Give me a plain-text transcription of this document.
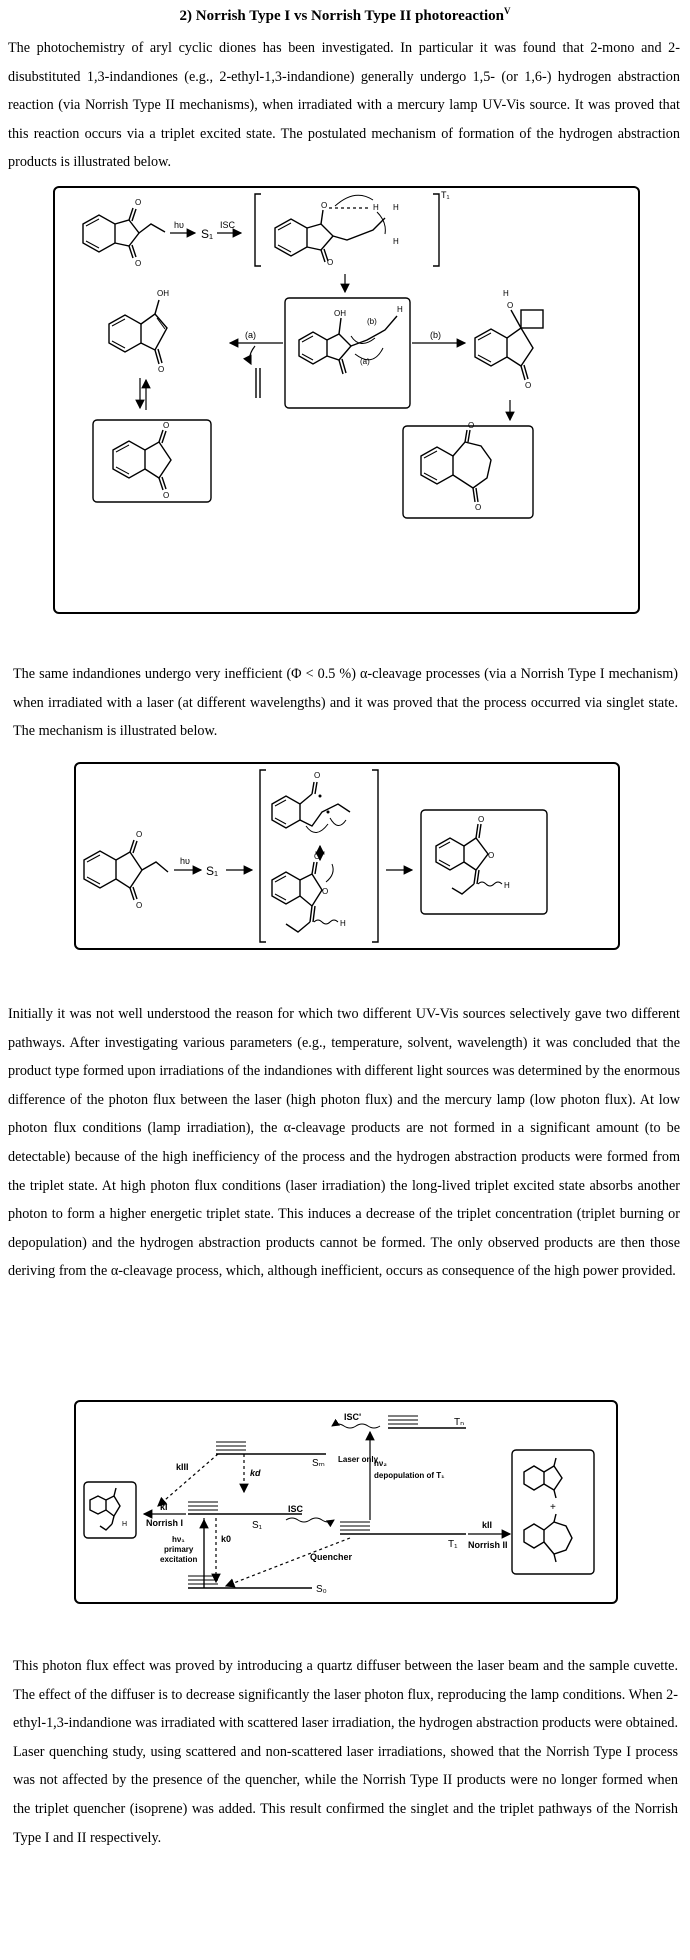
2) Norrish Type I vs Norrish Type II photoreaction$^V$

The photochemistry of aryl cyclic diones has been investigated. In particular it was found that 2-mono and 2-disubstituted 1,3-indandiones (e.g., 2-ethyl-1,3-indandione) generally undergo 1,5- (or 1,6-) hydrogen abstraction reaction (via Norrish Type II mechanisms), when irradiated with a mercury lamp UV-Vis source. It was proved that this reaction occurs via a triplet excited state. The postulated mechanism of formation of the hydrogen abstraction products is illustrated below.

O
O
hυ
S₁
ISC
T₁
O	H H
H
O
OH
(b)
(a)
H
(a)
OH
O
O
O
(b)
H
O
O
O
O

The same indandiones undergo very inefficient (Φ < 0.5 %) α-cleavage processes (via a Norrish Type I mechanism) when irradiated with a laser (at different wavelengths) and it was proved that the process occurred via singlet state. The mechanism is illustrated below.

O
O
hυ
S₁
O
H
O
O
O
O
H

Initially it was not well understood the reason for which two different UV-Vis sources selectively gave two different pathways. After investigating various parameters (e.g., temperature, solvent, wavelength) it was concluded that the product type formed upon irradiations of the indandiones with different light sources was determined by the enormous difference of the photon flux between the laser (high photon flux) and the mercury lamp (low photon flux). At low photon flux conditions (lamp irradiation), the α-cleavage products are not formed in a significant amount (to be detectable) because of the high inefficiency of the process and the hydrogen abstraction products were formed from the triplet state. At high photon flux conditions (laser irradiation) the long-lived triplet excited state absorbs another photon to form a higher energetic triplet state. This induces a decrease of the triplet concentration (triplet burning or depopulation) and the hydrogen abstraction products cannot be formed. The only observed products are then those deriving from the α-cleavage process, which, although inefficient, occurs as consequence of the high power provided.

Tₙ
ISC'
Sₘ
kIII
kd
H
kI
Norrish I	S₁
ISC
T₁
Laser only
hν₂
depopulation of T₁
kII
Norrish II
+
hν₁
primary
excitation
k0
Quencher
S₀

This photon flux effect was proved by introducing a quartz diffuser between the laser beam and the sample cuvette. The effect of the diffuser is to decrease significantly the laser photon flux, reproducing the lamp conditions. When 2-ethyl-1,3-indandione was irradiated with scattered laser irradiation, the hydrogen abstraction products were obtained. Laser quenching study, using scattered and non-scattered laser irradiations, showed that the Norrish Type I process was not affected by the presence of the quencher, while the Norrish Type II products were no longer formed when the triplet quencher (isoprene) was added. This result confirmed the singlet and the triplet pathways of the Norrish Type I and II respectively.
